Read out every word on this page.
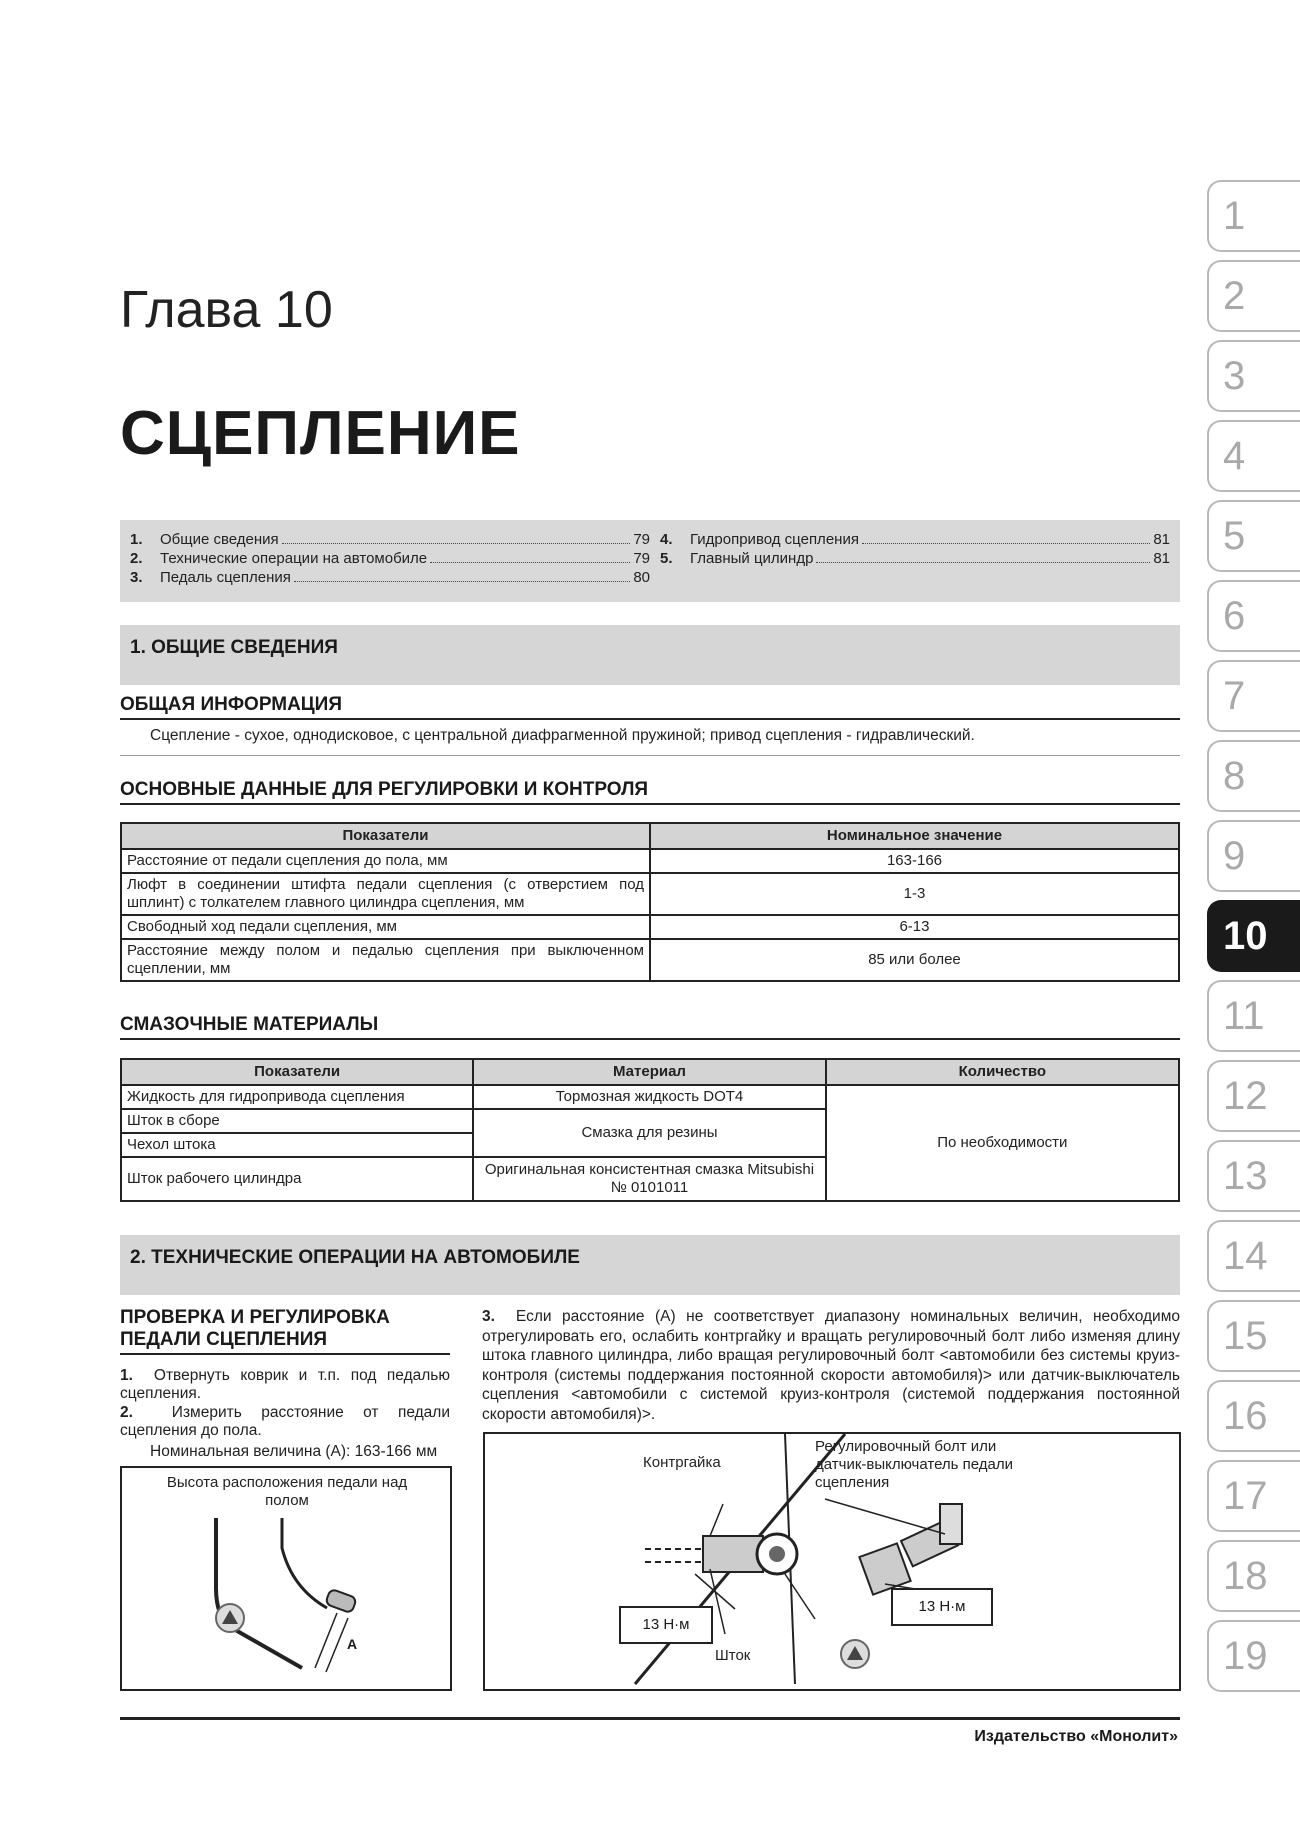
1
2
3
4
5
6
7
8
9
10
11
12
13
14
15
16
17
18
19
Глава 10
СЦЕПЛЕНИЕ
1.	Общие сведения	79
2.	Технические операции на автомобиле	79
3.	Педаль сцепления	80
4.	Гидропривод сцепления	81
5.	Главный цилиндр	81
1. ОБЩИЕ СВЕДЕНИЯ
ОБЩАЯ ИНФОРМАЦИЯ
Сцепление - сухое, однодисковое, с центральной диафрагменной пружиной; привод сцепления - гидравлический.
ОСНОВНЫЕ ДАННЫЕ ДЛЯ РЕГУЛИРОВКИ И КОНТРОЛЯ
Показатели	Номинальное значение
Расстояние от педали сцепления до пола, мм	163-166
Люфт в соединении штифта педали сцепления (с отверстием под шплинт) с толкателем главного цилиндра сцепления, мм	1-3
Свободный ход педали сцепления, мм	6-13
Расстояние между полом и педалью сцепления при выключенном сцеплении, мм	85 или более
СМАЗОЧНЫЕ МАТЕРИАЛЫ
Показатели	Материал	Количество
Жидкость для гидропривода сцепления	Тормозная жидкость DOT4	По необходимости
Шток в сборе	Смазка для резины	
Чехол штока		
Шток рабочего цилиндра	Оригинальная консистентная смазка Mitsubishi № 0101011	
2. ТЕХНИЧЕСКИЕ ОПЕРАЦИИ НА АВТОМОБИЛЕ
ПРОВЕРКА И РЕГУЛИРОВКА ПЕДАЛИ СЦЕПЛЕНИЯ
1. Отвернуть коврик и т.п. под педалью сцепления.
2.	Измерить расстояние от педали сцепления до пола.
Номинальная величина (А): 163-166 мм
Высота расположения педали над полом
A
3. Если расстояние (А) не соответствует диапазону номинальных величин, необходимо отрегулировать его, ослабить контргайку и вращать регулировочный болт либо изменяя длину штока главного цилиндра, либо вращая регулировочный болт <автомобили без системы круиз-контроля (системы поддержания постоянной скорости автомобиля)> или датчик-выключатель сцепления <автомобили с системой круиз-контроля (системой поддержания постоянной скорости автомобиля)>.
Контргайка
Регулировочный болт или датчик-выключатель педали сцепления
Шток
13 Н·м
13 Н·м
Издательство «Монолит»
